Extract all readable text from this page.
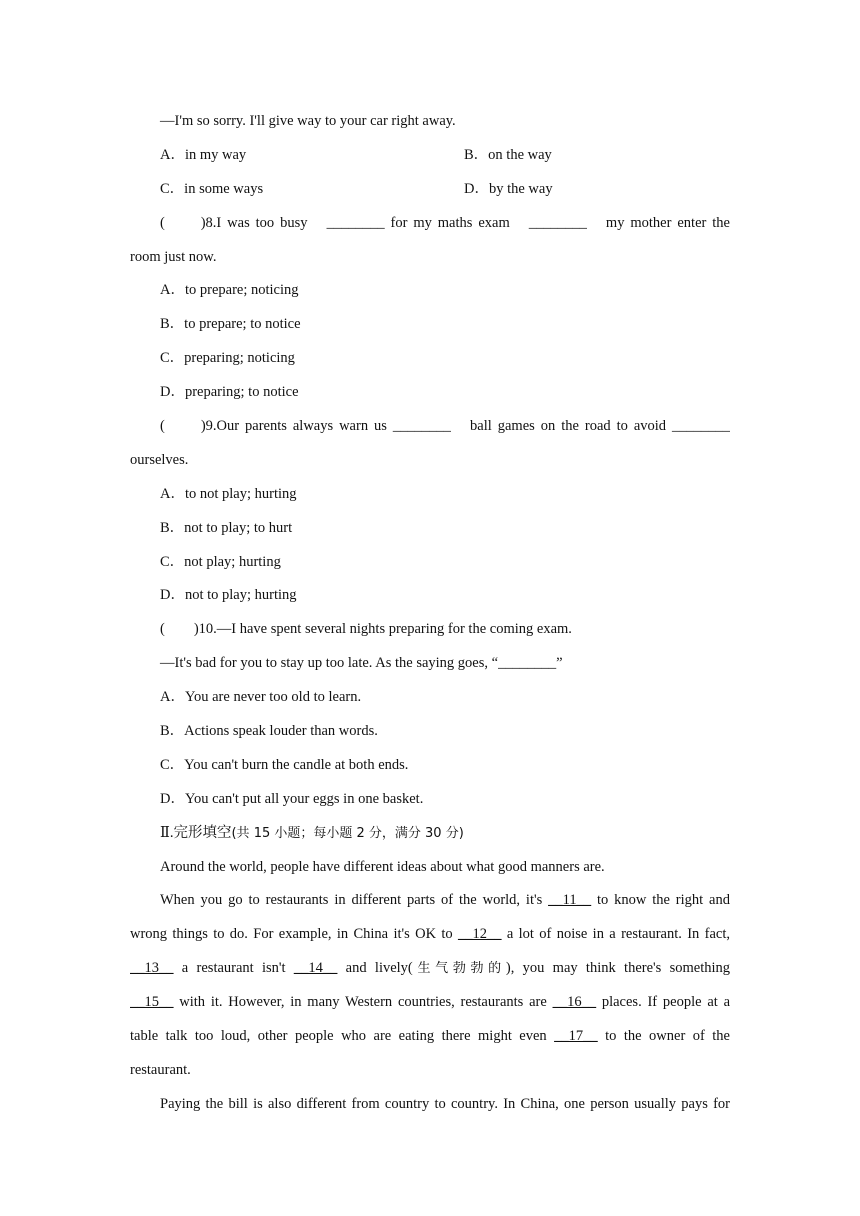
—I'm so sorry. I'll give way to your car right away.
A．in my way	B．on the way
C．in some ways	D．by the way
(　　)8.I was too busy　________ for my maths exam　________　my mother enter the
room just now.
A．to prepare; noticing
B．to prepare; to notice
C．preparing; noticing
D．preparing; to notice
(　　)9.Our parents always warn us ________　ball games on the road to avoid ________
ourselves.
A．to not play; hurting
B．not to play; to hurt
C．not play; hurting
D．not to play; hurting
(　　)10.—I have spent several nights preparing for the coming exam.
—It's bad for you to stay up too late. As the saying goes, “________”
A．You are never too old to learn.
B．Actions speak louder than words.
C．You can't burn the candle at both ends.
D．You can't put all your eggs in one basket.
Ⅱ.完形填空(共 15 小题；每小题 2 分，满分 30 分)
Around the world, people have different ideas about what good manners are.
When you go to restaurants in different parts of the world, it's __11__ to know the right and
wrong things to do. For example, in China it's OK to __12__ a lot of noise in a restaurant. In fact,
__13__ a restaurant isn't __14__ and lively(生气勃勃的), you may think there's something
__15__ with it. However, in many Western countries, restaurants are __16__ places. If people at a
table talk too loud, other people who are eating there might even __17__ to the owner of the
restaurant.
Paying the bill is also different from country to country. In China, one person usually pays for
